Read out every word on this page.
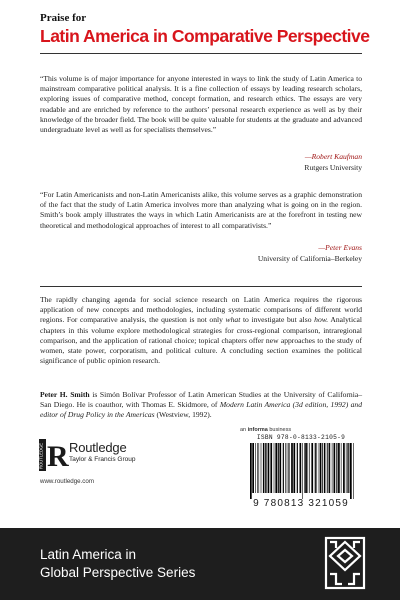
Praise for
Latin America in Comparative Perspective

“This volume is of major importance for anyone interested in ways to link the study of Latin America to mainstream comparative political analysis. It is a fine collection of essays by leading research scholars, exploring issues of comparative method, concept formation, and research ethics. The essays are very readable and are enriched by reference to the authors’ personal research experience as well as by their knowledge of the broader field. The book will be quite valuable for students at the graduate and advanced undergraduate level as well as for specialists themselves.”

—Robert Kaufman
Rutgers University

“For Latin Americanists and non-Latin Americanists alike, this volume serves as a graphic demonstration of the fact that the study of Latin America involves more than analyzing what is going on in the region. Smith’s book amply illustrates the ways in which Latin Americanists are at the forefront in testing new theoretical and methodological approaches of interest to all comparativists.”

—Peter Evans
University of California–Berkeley

The rapidly changing agenda for social science research on Latin America requires the rigorous application of new concepts and methodologies, including systematic comparisons of different world regions. For comparative analysis, the question is not only what to investigate but also how. Analytical chapters in this volume explore methodological strategies for cross-regional comparison, intraregional comparison, and the application of rational choice; topical chapters offer new approaches to the study of women, state power, corporatism, and political culture. A concluding section examines the political significance of public opinion research.

Peter H. Smith is Simón Bolívar Professor of Latin American Studies at the University of California–San Diego. He is coauthor, with Thomas E. Skidmore, of Modern Latin America (3d edition, 1992) and editor of Drug Policy in the Americas (Westview, 1992).

ROUTLEDGE R Routledge
Taylor & Francis Group
www.routledge.com
an informa business
ISBN 978-0-8133-2105-9
9 780813 321059
Latin America in
Global Perspective Series
